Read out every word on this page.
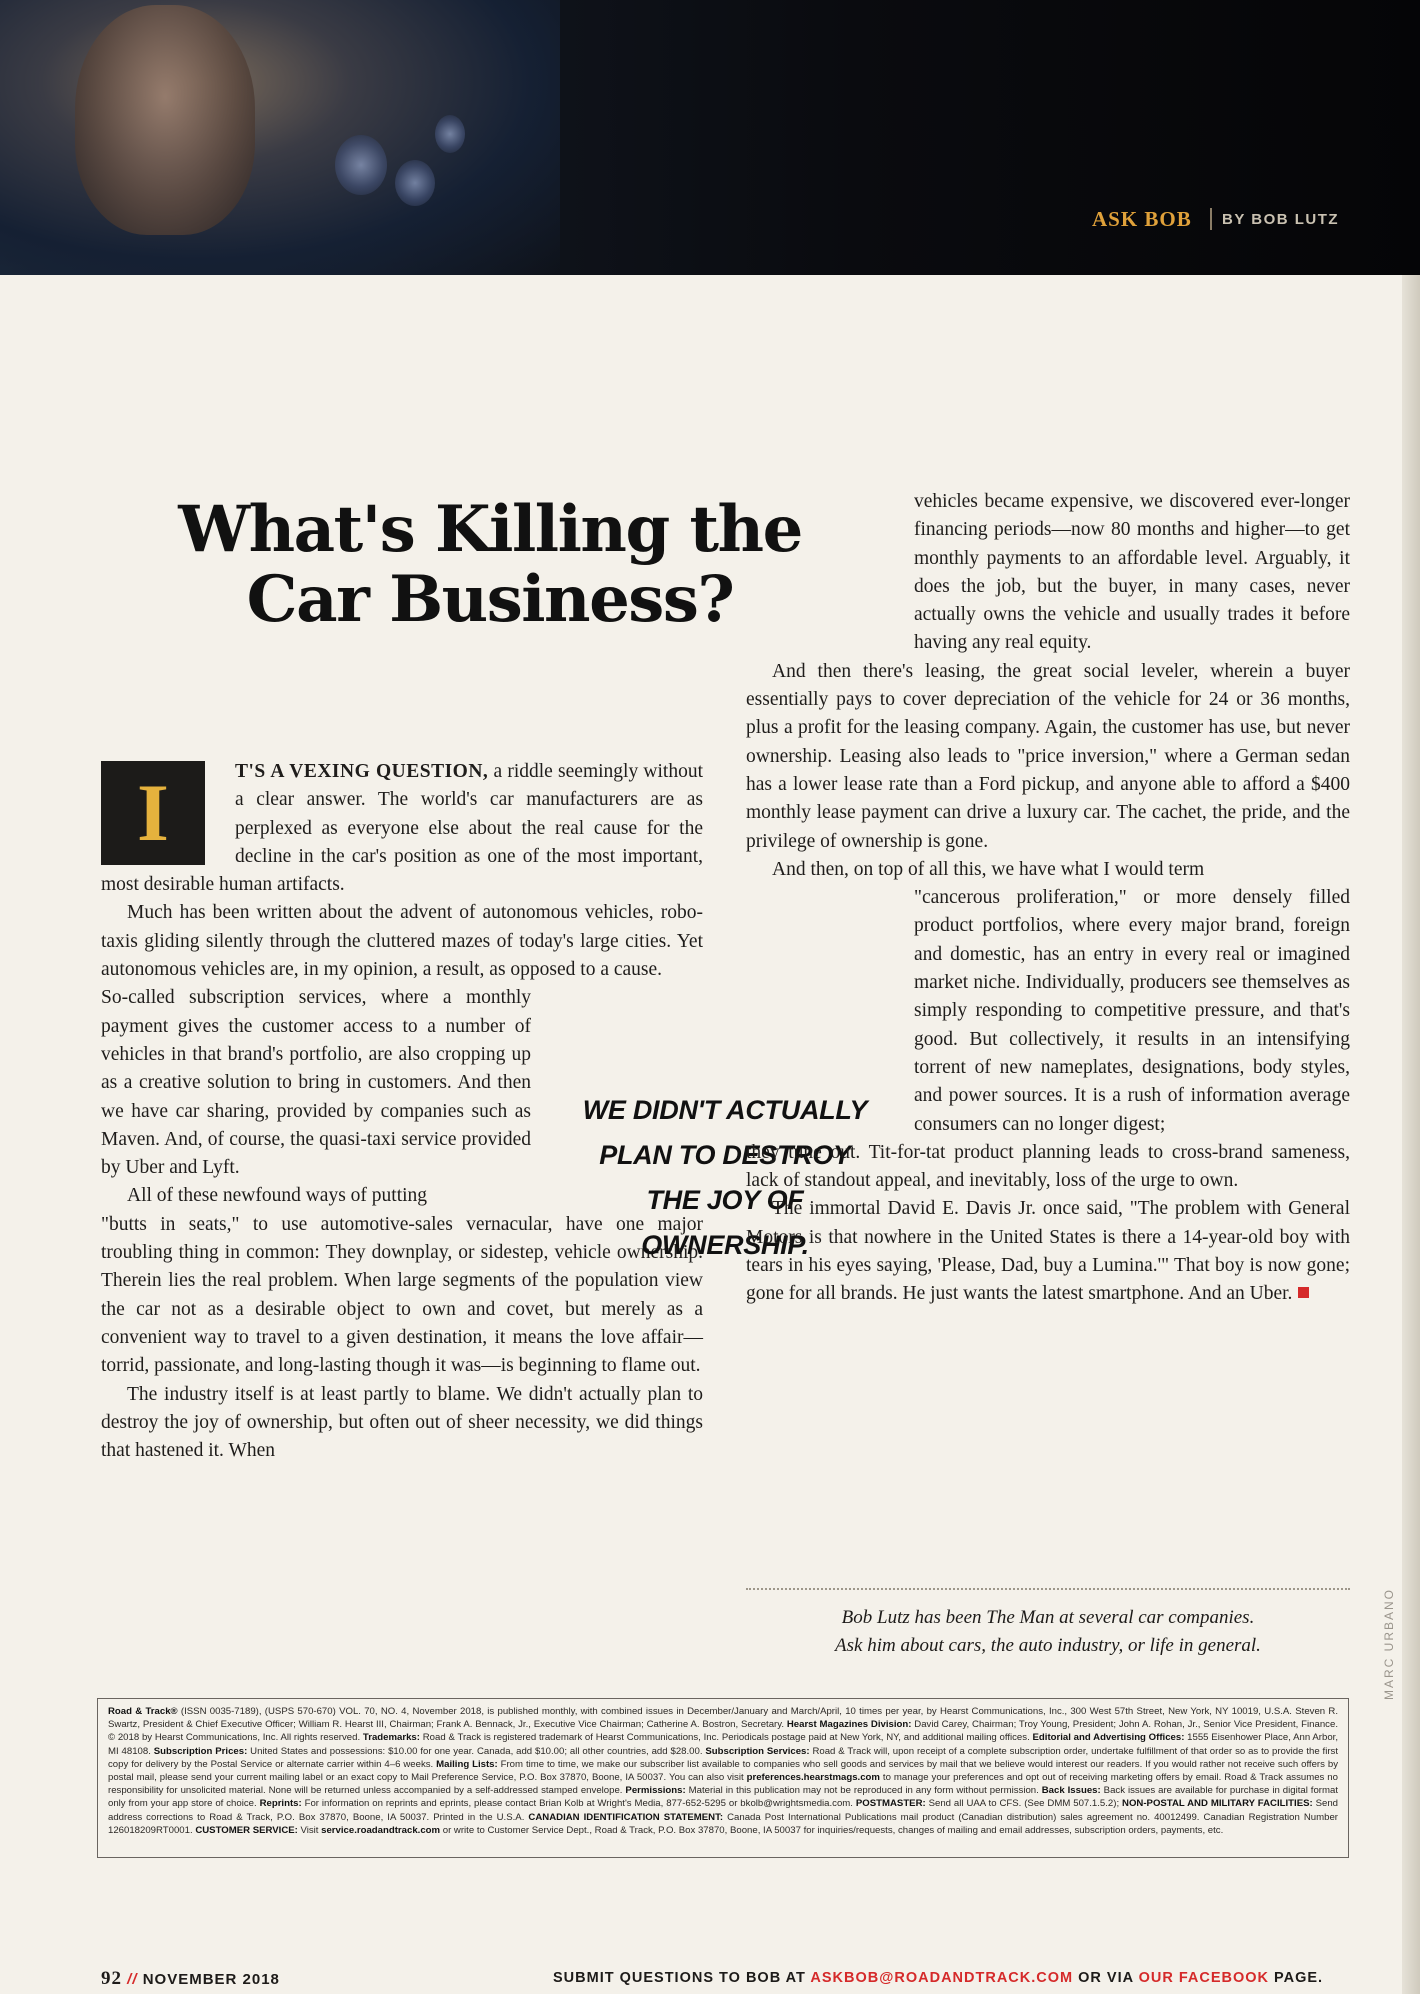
ASK BOB BY BOB LUTZ
What's Killing the Car Business?

I	T'S A VEXING QUESTION, a riddle seemingly without a clear answer. The world's car manufacturers are as perplexed as everyone else about the real cause for the decline in the car's position as one of the most important, most desirable human artifacts.

Much has been written about the advent of autonomous vehicles, robo-taxis gliding silently through the cluttered mazes of today's large cities. Yet autonomous vehicles are, in my opinion, a result, as opposed to a cause.

So-called subscription services, where a monthly payment gives the customer access to a number of vehicles in that brand's portfolio, are also cropping up as a creative solution to bring in customers. And then we have car sharing, provided by companies such as Maven. And, of course, the quasi-taxi service provided by Uber and Lyft.

All of these newfound ways of putting

"butts in seats," to use automotive-sales vernacular, have one major troubling thing in common: They downplay, or sidestep, vehicle ownership. Therein lies the real problem. When large segments of the population view the car not as a desirable object to own and covet, but merely as a convenient way to travel to a given destination, it means the love affair—torrid, passionate, and long-lasting though it was—is beginning to flame out.

The industry itself is at least partly to blame. We didn't actually plan to destroy the joy of ownership, but often out of sheer necessity, we did things that hastened it. When

WE DIDN'T ACTUALLY PLAN TO DESTROY THE JOY OF OWNERSHIP.

vehicles became expensive, we discovered ever-longer financing periods—now 80 months and higher—to get monthly payments to an affordable level. Arguably, it does the job, but the buyer, in many cases, never actually owns the vehicle and usually trades it before having any real equity.

And then there's leasing, the great social leveler, wherein a buyer essentially pays to cover depreciation of the vehicle for 24 or 36 months, plus a profit for the leasing company. Again, the customer has use, but never ownership. Leasing also leads to "price inversion," where a German sedan has a lower lease rate than a Ford pickup, and anyone able to afford a $400 monthly lease payment can drive a luxury car. The cachet, the pride, and the privilege of ownership is gone.

And then, on top of all this, we have what I would term

"cancerous proliferation," or more densely filled product portfolios, where every major brand, foreign and domestic, has an entry in every real or imagined market niche. Individually, producers see themselves as simply responding to competitive pressure, and that's good. But collectively, it results in an intensifying torrent of new nameplates, designations, body styles, and power sources. It is a rush of information average consumers can no longer digest;

they tune out. Tit-for-tat product planning leads to cross-brand sameness, lack of standout appeal, and inevitably, loss of the urge to own.

The immortal David E. Davis Jr. once said, "The problem with General Motors is that nowhere in the United States is there a 14-year-old boy with tears in his eyes saying, 'Please, Dad, buy a Lumina.'" That boy is now gone; gone for all brands. He just wants the latest smartphone. And an Uber.

Bob Lutz has been The Man at several car companies.
Ask him about cars, the auto industry, or life in general.
Road & Track® (ISSN 0035-7189), (USPS 570-670) VOL. 70, NO. 4, November 2018, is published monthly, with combined issues in December/January and March/April, 10 times per year, by Hearst Communications, Inc., 300 West 57th Street, New York, NY 10019, U.S.A. Steven R. Swartz, President & Chief Executive Officer; William R. Hearst III, Chairman; Frank A. Bennack, Jr., Executive Vice Chairman; Catherine A. Bostron, Secretary. Hearst Magazines Division: David Carey, Chairman; Troy Young, President; John A. Rohan, Jr., Senior Vice President, Finance. © 2018 by Hearst Communications, Inc. All rights reserved. Trademarks: Road & Track is registered trademark of Hearst Communications, Inc. Periodicals postage paid at New York, NY, and additional mailing offices. Editorial and Advertising Offices: 1555 Eisenhower Place, Ann Arbor, MI 48108. Subscription Prices: United States and possessions: $10.00 for one year. Canada, add $10.00; all other countries, add $28.00. Subscription Services: Road & Track will, upon receipt of a complete subscription order, undertake fulfillment of that order so as to provide the first copy for delivery by the Postal Service or alternate carrier within 4–6 weeks. Mailing Lists: From time to time, we make our subscriber list available to companies who sell goods and services by mail that we believe would interest our readers. If you would rather not receive such offers by postal mail, please send your current mailing label or an exact copy to Mail Preference Service, P.O. Box 37870, Boone, IA 50037. You can also visit preferences.hearstmags.com to manage your preferences and opt out of receiving marketing offers by email. Road & Track assumes no responsibility for unsolicited material. None will be returned unless accompanied by a self-addressed stamped envelope. Permissions: Material in this publication may not be reproduced in any form without permission. Back Issues: Back issues are available for purchase in digital format only from your app store of choice. Reprints: For information on reprints and eprints, please contact Brian Kolb at Wright's Media, 877-652-5295 or bkolb@wrightsmedia.com. POSTMASTER: Send all UAA to CFS. (See DMM 507.1.5.2); NON-POSTAL AND MILITARY FACILITIES: Send address corrections to Road & Track, P.O. Box 37870, Boone, IA 50037. Printed in the U.S.A. CANADIAN IDENTIFICATION STATEMENT: Canada Post International Publications mail product (Canadian distribution) sales agreement no. 40012499. Canadian Registration Number 126018209RT0001. CUSTOMER SERVICE: Visit service.roadandtrack.com or write to Customer Service Dept., Road & Track, P.O. Box 37870, Boone, IA 50037 for inquiries/requests, changes of mailing and email addresses, subscription orders, payments, etc.
MARC URBANO
92 // NOVEMBER 2018	SUBMIT QUESTIONS TO BOB AT ASKBOB@ROADANDTRACK.COM OR VIA OUR FACEBOOK PAGE.
